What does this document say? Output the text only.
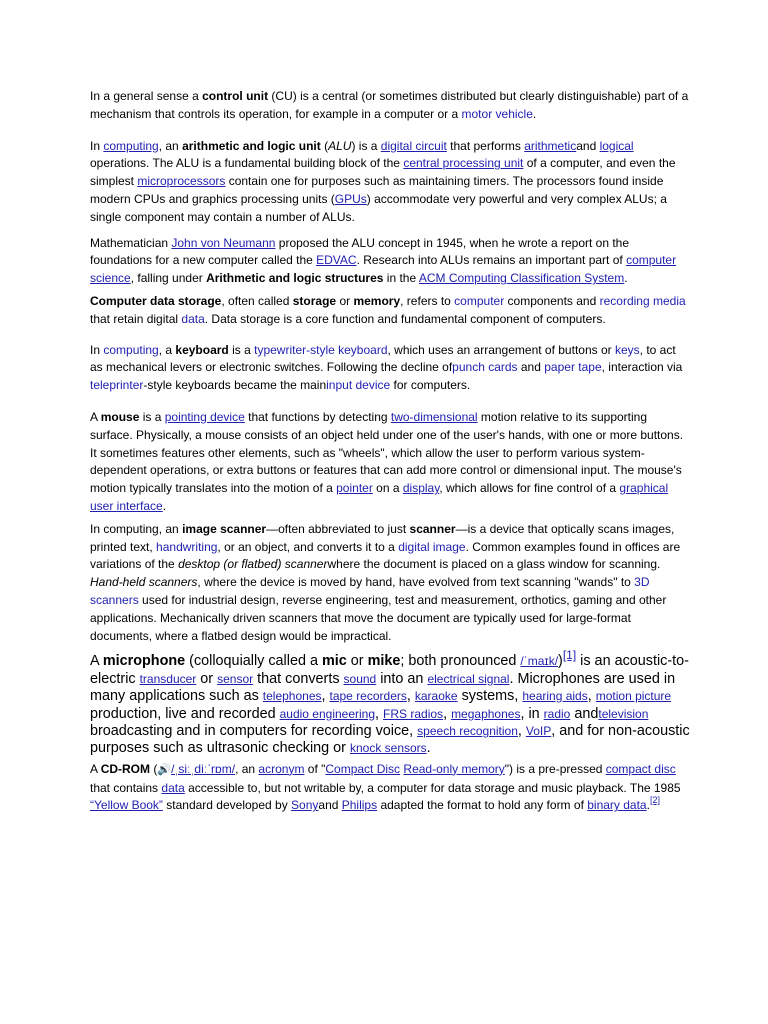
In a general sense a control unit (CU) is a central (or sometimes distributed but clearly distinguishable) part of a mechanism that controls its operation, for example in a computer or a motor vehicle.

In computing, an arithmetic and logic unit (ALU) is a digital circuit that performs arithmeticand logical operations. The ALU is a fundamental building block of the central processing unit of a computer, and even the simplest microprocessors contain one for purposes such as maintaining timers. The processors found inside modern CPUs and graphics processing units (GPUs) accommodate very powerful and very complex ALUs; a single component may contain a number of ALUs.

Mathematician John von Neumann proposed the ALU concept in 1945, when he wrote a report on the foundations for a new computer called the EDVAC. Research into ALUs remains an important part of computer science, falling under Arithmetic and logic structures in the ACM Computing Classification System.

Computer data storage, often called storage or memory, refers to computer components and recording media that retain digital data. Data storage is a core function and fundamental component of computers.

In computing, a keyboard is a typewriter-style keyboard, which uses an arrangement of buttons or keys, to act as mechanical levers or electronic switches. Following the decline ofpunch cards and paper tape, interaction via teleprinter-style keyboards became the maininput device for computers.

A mouse is a pointing device that functions by detecting two-dimensional motion relative to its supporting surface. Physically, a mouse consists of an object held under one of the user's hands, with one or more buttons. It sometimes features other elements, such as "wheels", which allow the user to perform various system-dependent operations, or extra buttons or features that can add more control or dimensional input. The mouse's motion typically translates into the motion of a pointer on a display, which allows for fine control of a graphical user interface.

In computing, an image scanner—often abbreviated to just scanner—is a device that optically scans images, printed text, handwriting, or an object, and converts it to a digital image. Common examples found in offices are variations of the desktop (or flatbed) scannerwhere the document is placed on a glass window for scanning. Hand-held scanners, where the device is moved by hand, have evolved from text scanning "wands" to 3D scanners used for industrial design, reverse engineering, test and measurement, orthotics, gaming and other applications. Mechanically driven scanners that move the document are typically used for large-format documents, where a flatbed design would be impractical.

A microphone (colloquially called a mic or mike; both pronounced /ˈmaɪk/)[1] is an acoustic-to-electric transducer or sensor that converts sound into an electrical signal. Microphones are used in many applications such as telephones, tape recorders, karaoke systems, hearing aids, motion picture production, live and recorded audio engineering, FRS radios, megaphones, in radio andtelevision broadcasting and in computers for recording voice, speech recognition, VoIP, and for non-acoustic purposes such as ultrasonic checking or knock sensors.

A CD-ROM (🔊/ˌsiːˌdiːˈrɒm/, an acronym of "Compact Disc Read-only memory") is a pre-pressed compact disc that contains data accessible to, but not writable by, a computer for data storage and music playback. The 1985 “Yellow Book” standard developed by Sonyand Philips adapted the format to hold any form of binary data.[2]
